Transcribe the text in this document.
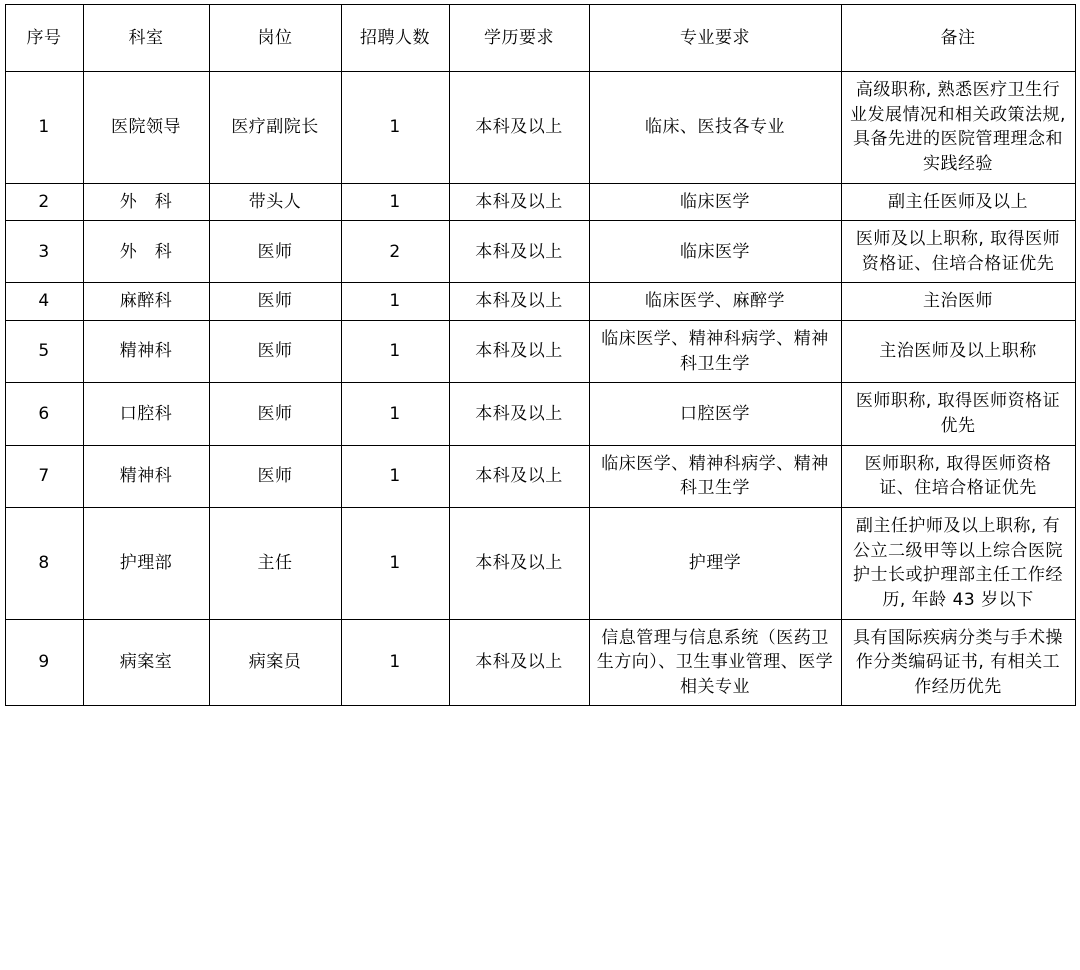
序号	科室	岗位	招聘人数	学历要求	专业要求	备注
1	医院领导	医疗副院长	1	本科及以上	临床、医技各专业	高级职称, 熟悉医疗卫生行业发展情况和相关政策法规, 具备先进的医院管理理念和实践经验
2	外　科	带头人	1	本科及以上	临床医学	副主任医师及以上
3	外　科	医师	2	本科及以上	临床医学	医师及以上职称, 取得医师资格证、住培合格证优先
4	麻醉科	医师	1	本科及以上	临床医学、麻醉学	主治医师
5	精神科	医师	1	本科及以上	临床医学、精神科病学、精神科卫生学	主治医师及以上职称
6	口腔科	医师	1	本科及以上	口腔医学	医师职称, 取得医师资格证优先
7	精神科	医师	1	本科及以上	临床医学、精神科病学、精神科卫生学	医师职称, 取得医师资格证、住培合格证优先
8	护理部	主任	1	本科及以上	护理学	副主任护师及以上职称, 有公立二级甲等以上综合医院护士长或护理部主任工作经历, 年龄 43 岁以下
9	病案室	病案员	1	本科及以上	信息管理与信息系统（医药卫生方向）、卫生事业管理、医学相关专业	具有国际疾病分类与手术操作分类编码证书, 有相关工作经历优先
